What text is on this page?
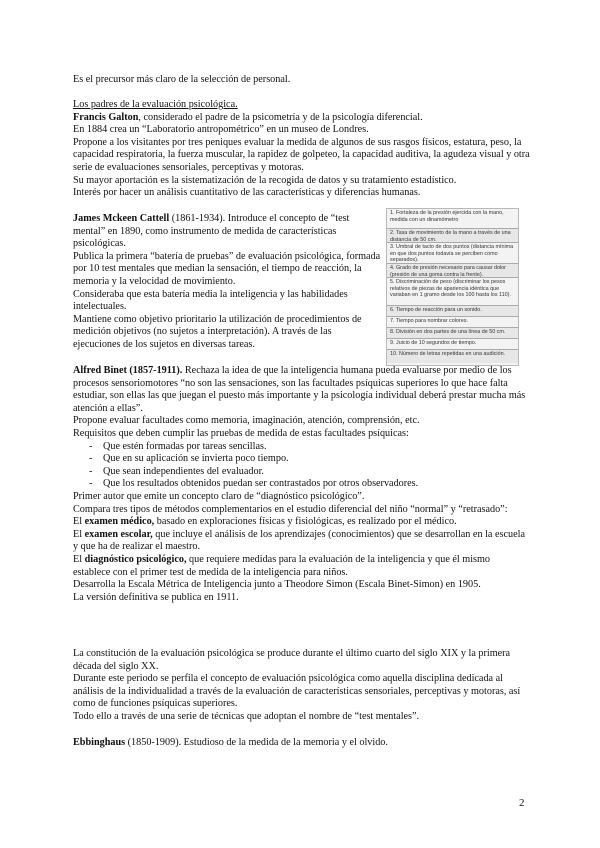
Es el precursor más claro de la selección de personal.

Los padres de la evaluación psicológica.

Francis Galton, considerado el padre de la psicometría y de la psicología diferencial.

En 1884 crea un “Laboratorio antropométrico” en un museo de Londres.

Propone a los visitantes por tres peniques evaluar la medida de algunos de sus rasgos físicos, estatura, peso, la capacidad respiratoria, la fuerza muscular, la rapidez de golpeteo, la capacidad auditiva, la agudeza visual y otra serie de evaluaciones sensoriales, perceptivas y motoras.

Su mayor aportación es la sistematización de la recogida de datos y su tratamiento estadístico.

Interés por hacer un análisis cuantitativo de las características y diferencias humanas.

James Mckeen Cattell (1861-1934). Introduce el concepto de “test mental” en 1890, como instrumento de medida de características psicológicas.

Publica la primera “batería de pruebas” de evaluación psicológica, formada por 10 test mentales que median la sensación, el tiempo de reacción, la memoria y la velocidad de movimiento.

Consideraba que esta batería media la inteligencia y las habilidades intelectuales.

Mantiene como objetivo prioritario la utilización de procedimientos de medición objetivos (no sujetos a interpretación). A través de las ejecuciones de los sujetos en diversas tareas.

1. Fortaleza de la presión ejercida con la mano, medida con un dinamómetro
2. Tasa de movimiento de la mano a través de una distancia de 50 cm.
3. Umbral de tacto de dos puntos (distancia mínima en que dos puntos todavía se perciben como separados).
4. Grado de presión necesario para causar dolor (presión de una goma contra la frente).
5. Discriminación de peso (discriminar los pesos relativos de piezas de apariencia idéntica que variaban en 1 gramo desde los 100 hasta los 110).
6. Tiempo de reacción para un sonido.
7. Tiempo para nombrar colores.
8. División en dos partes de una línea de 50 cm.
9. Juicio de 10 segundos de tiempo.
10. Número de letras repetidas en una audición.

Alfred Binet (1857-1911). Rechaza la idea de que la inteligencia humana pueda evaluarse por medio de los procesos sensoriomotores “no son las sensaciones, son las facultades psíquicas superiores lo que hace falta estudiar, son ellas las que juegan el puesto más importante y la psicología individual deberá prestar mucha más atención a ellas”.

Propone evaluar facultades como memoria, imaginación, atención, comprensión, etc.

Requisitos que deben cumplir las pruebas de medida de estas facultades psíquicas:

- Que estén formadas por tareas sencillas.
- Que en su aplicación se invierta poco tiempo.
- Que sean independientes del evaluador.
- Que los resultados obtenidos puedan ser contrastados por otros observadores.

Primer autor que emite un concepto claro de “diagnóstico psicológico”.

Compara tres tipos de métodos complementarios en el estudio diferencial del niño “normal” y “retrasado”:

El examen médico, basado en exploraciones físicas y fisiológicas, es realizado por el médico.

El examen escolar, que incluye el análisis de los aprendizajes (conocimientos) que se desarrollan en la escuela y que ha de realizar el maestro.

El diagnóstico psicológico, que requiere medidas para la evaluación de la inteligencia y que él mismo establece con el primer test de medida de la inteligencia para niños.

Desarrolla la Escala Métrica de Inteligencia junto a Theodore Simon (Escala Binet-Simon) en 1905.

La versión definitiva se publica en 1911.

La constitución de la evaluación psicológica se produce durante el último cuarto del siglo XIX y la primera década del siglo XX.

Durante este periodo se perfila el concepto de evaluación psicológica como aquella disciplina dedicada al análisis de la individualidad a través de la evaluación de características sensoriales, perceptivas y motoras, así como de funciones psíquicas superiores.

Todo ello a través de una serie de técnicas que adoptan el nombre de “test mentales”.

Ebbinghaus (1850-1909). Estudioso de la medida de la memoria y el olvido.

2
